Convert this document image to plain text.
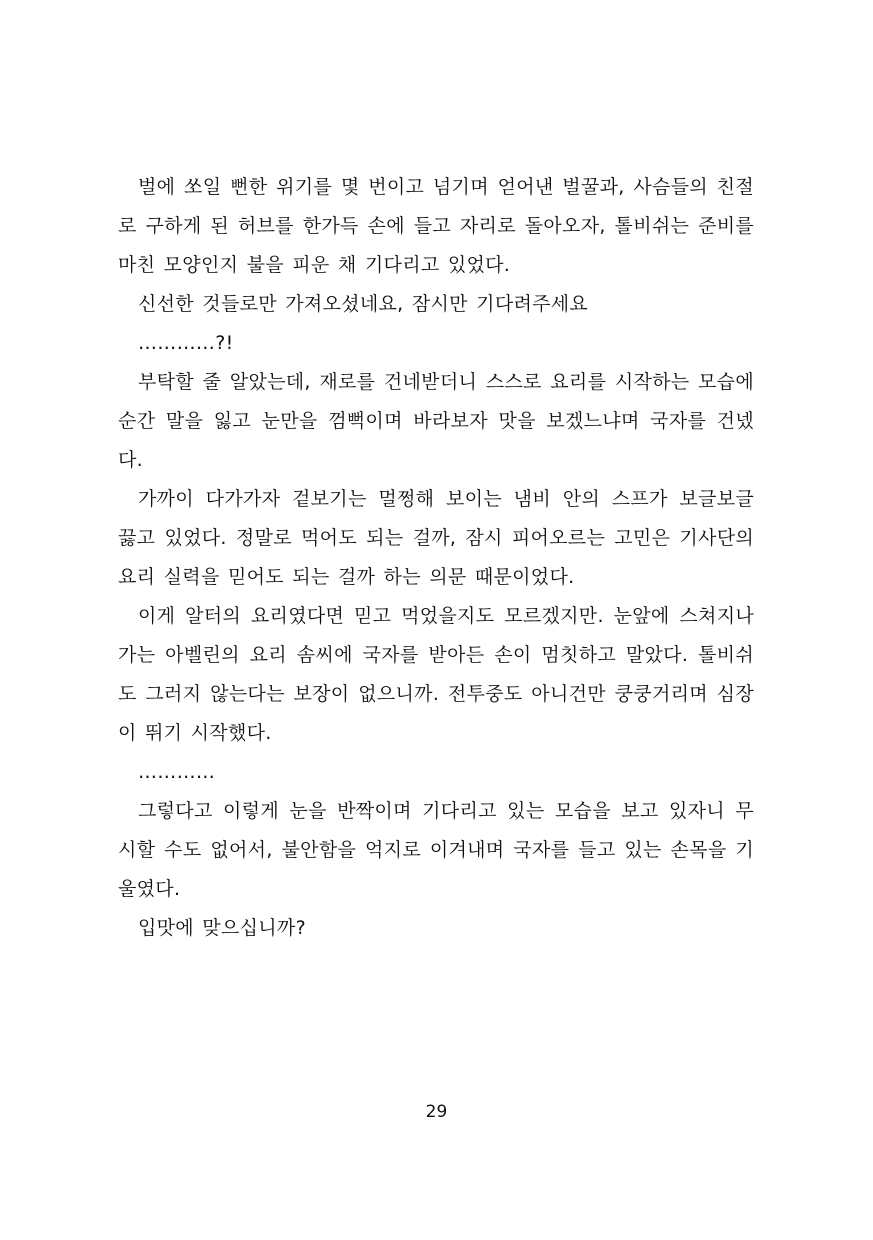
벌에 쏘일 뻔한 위기를 몇 번이고 넘기며 얻어낸 벌꿀과, 사슴들의 친절로 구하게 된 허브를 한가득 손에 들고 자리로 돌아오자, 톨비쉬는 준비를 마친 모양인지 불을 피운 채 기다리고 있었다.

신선한 것들로만 가져오셨네요, 잠시만 기다려주세요

…………?!

부탁할 줄 알았는데, 재로를 건네받더니 스스로 요리를 시작하는 모습에 순간 말을 잃고 눈만을 껌뻑이며 바라보자 맛을 보겠느냐며 국자를 건넸다.

가까이 다가가자 겉보기는 멀쩡해 보이는 냄비 안의 스프가 보글보글 끓고 있었다. 정말로 먹어도 되는 걸까, 잠시 피어오르는 고민은 기사단의 요리 실력을 믿어도 되는 걸까 하는 의문 때문이었다.

이게 알터의 요리였다면 믿고 먹었을지도 모르겠지만. 눈앞에 스쳐지나가는 아벨린의 요리 솜씨에 국자를 받아든 손이 멈칫하고 말았다. 톨비쉬도 그러지 않는다는 보장이 없으니까. 전투중도 아니건만 쿵쿵거리며 심장이 뛰기 시작했다.

…………

그렇다고 이렇게 눈을 반짝이며 기다리고 있는 모습을 보고 있자니 무시할 수도 없어서, 불안함을 억지로 이겨내며 국자를 들고 있는 손목을 기울였다.

입맛에 맞으십니까?

29
